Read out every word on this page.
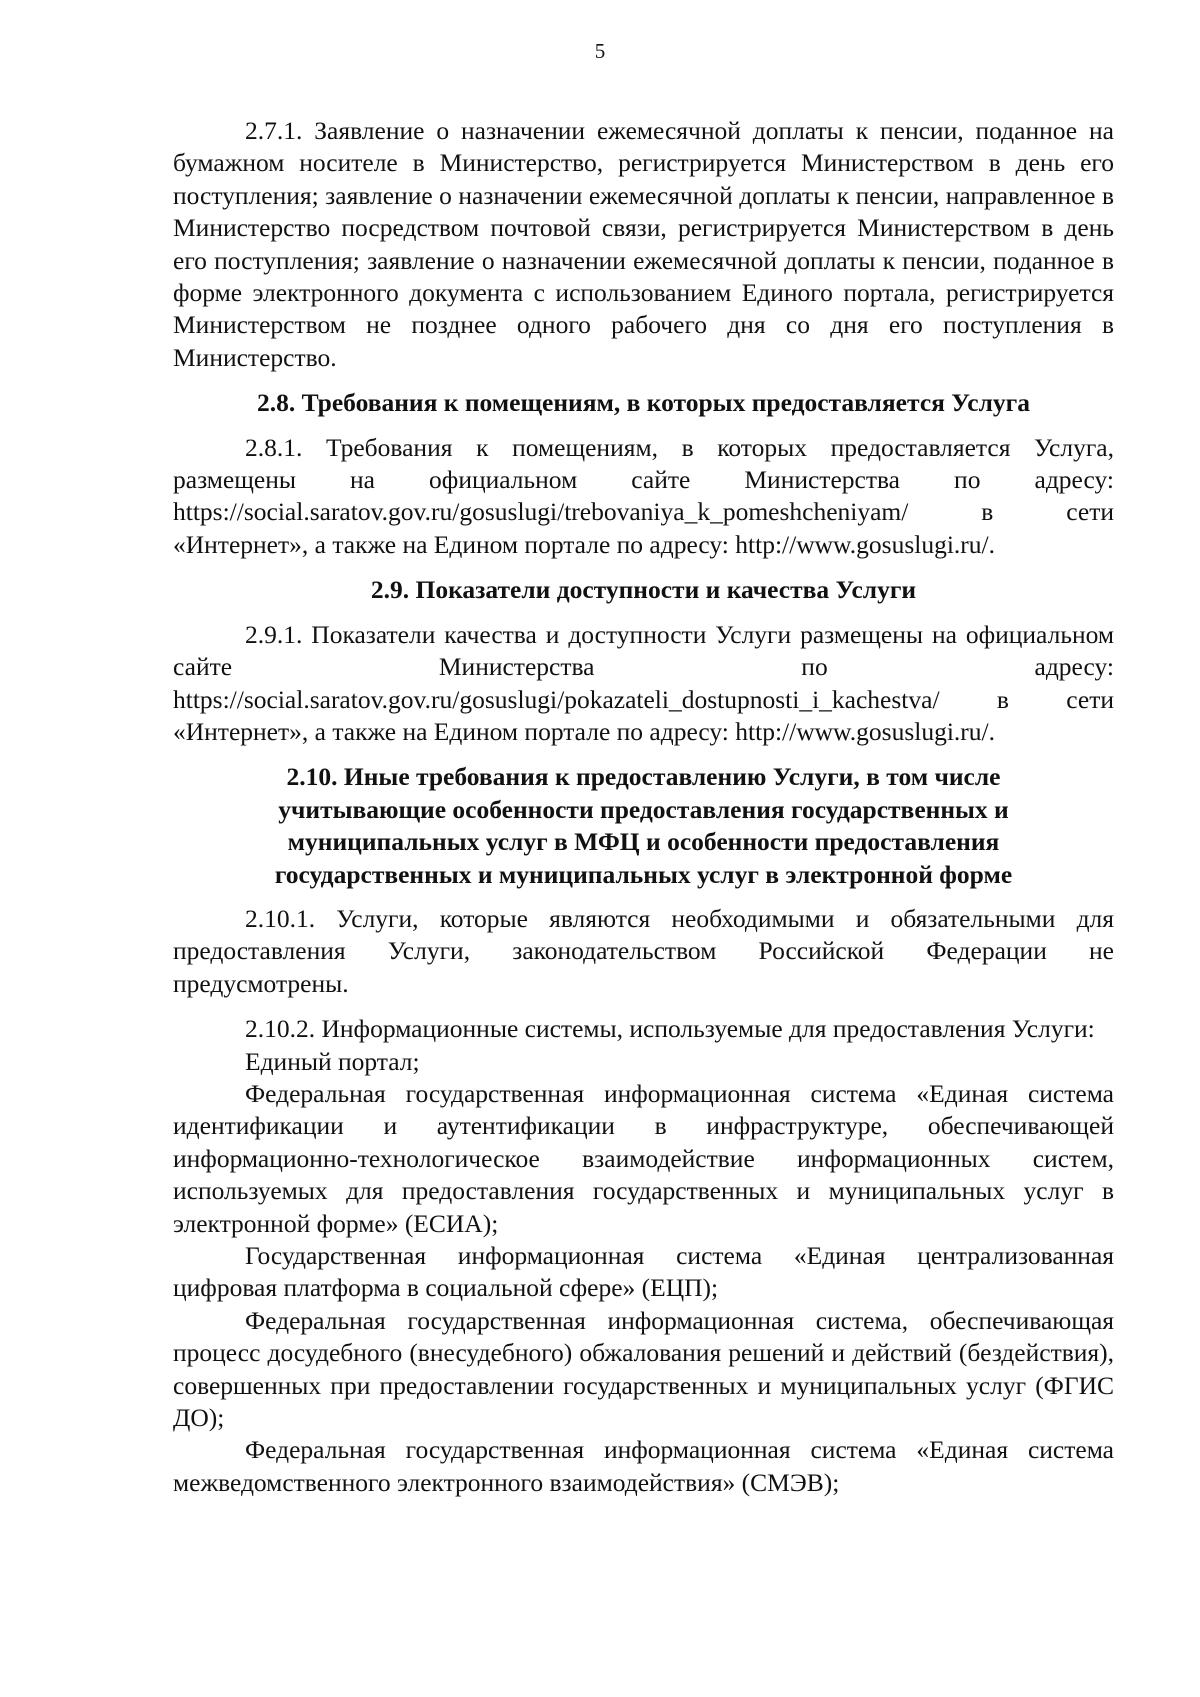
5

2.7.1. Заявление о назначении ежемесячной доплаты к пенсии, поданное на бумажном носителе в Министерство, регистрируется Министерством в день его поступления; заявление о назначении ежемесячной доплаты к пенсии, направленное в Министерство посредством почтовой связи, регистрируется Министерством в день его поступления; заявление о назначении ежемесячной доплаты к пенсии, поданное в форме электронного документа с использованием Единого портала, регистрируется Министерством не позднее одного рабочего дня со дня его поступления в Министерство.

2.8. Требования к помещениям, в которых предоставляется Услуга

2.8.1. Требования к помещениям, в которых предоставляется Услуга, размещены на официальном сайте Министерства по адресу: https://social.saratov.gov.ru/gosuslugi/trebovaniya_k_pomeshcheniyam/ в сети «Интернет», а также на Едином портале по адресу: http://www.gosuslugi.ru/.

2.9. Показатели доступности и качества Услуги

2.9.1. Показатели качества и доступности Услуги размещены на официальном сайте Министерства по адресу: https://social.saratov.gov.ru/gosuslugi/pokazateli_dostupnosti_i_kachestva/ в сети «Интернет», а также на Едином портале по адресу: http://www.gosuslugi.ru/.

2.10. Иные требования к предоставлению Услуги, в том числе учитывающие особенности предоставления государственных и муниципальных услуг в МФЦ и особенности предоставления государственных и муниципальных услуг в электронной форме

2.10.1. Услуги, которые являются необходимыми и обязательными для предоставления Услуги, законодательством Российской Федерации не предусмотрены.

2.10.2. Информационные системы, используемые для предоставления Услуги:

Единый портал;

Федеральная государственная информационная система «Единая система идентификации и аутентификации в инфраструктуре, обеспечивающей информационно-технологическое взаимодействие информационных систем, используемых для предоставления государственных и муниципальных услуг в электронной форме» (ЕСИА);

Государственная информационная система «Единая централизованная цифровая платформа в социальной сфере» (ЕЦП);

Федеральная государственная информационная система, обеспечивающая процесс досудебного (внесудебного) обжалования решений и действий (бездействия), совершенных при предоставлении государственных и муниципальных услуг (ФГИС ДО);

Федеральная государственная информационная система «Единая система межведомственного электронного взаимодействия» (СМЭВ);
